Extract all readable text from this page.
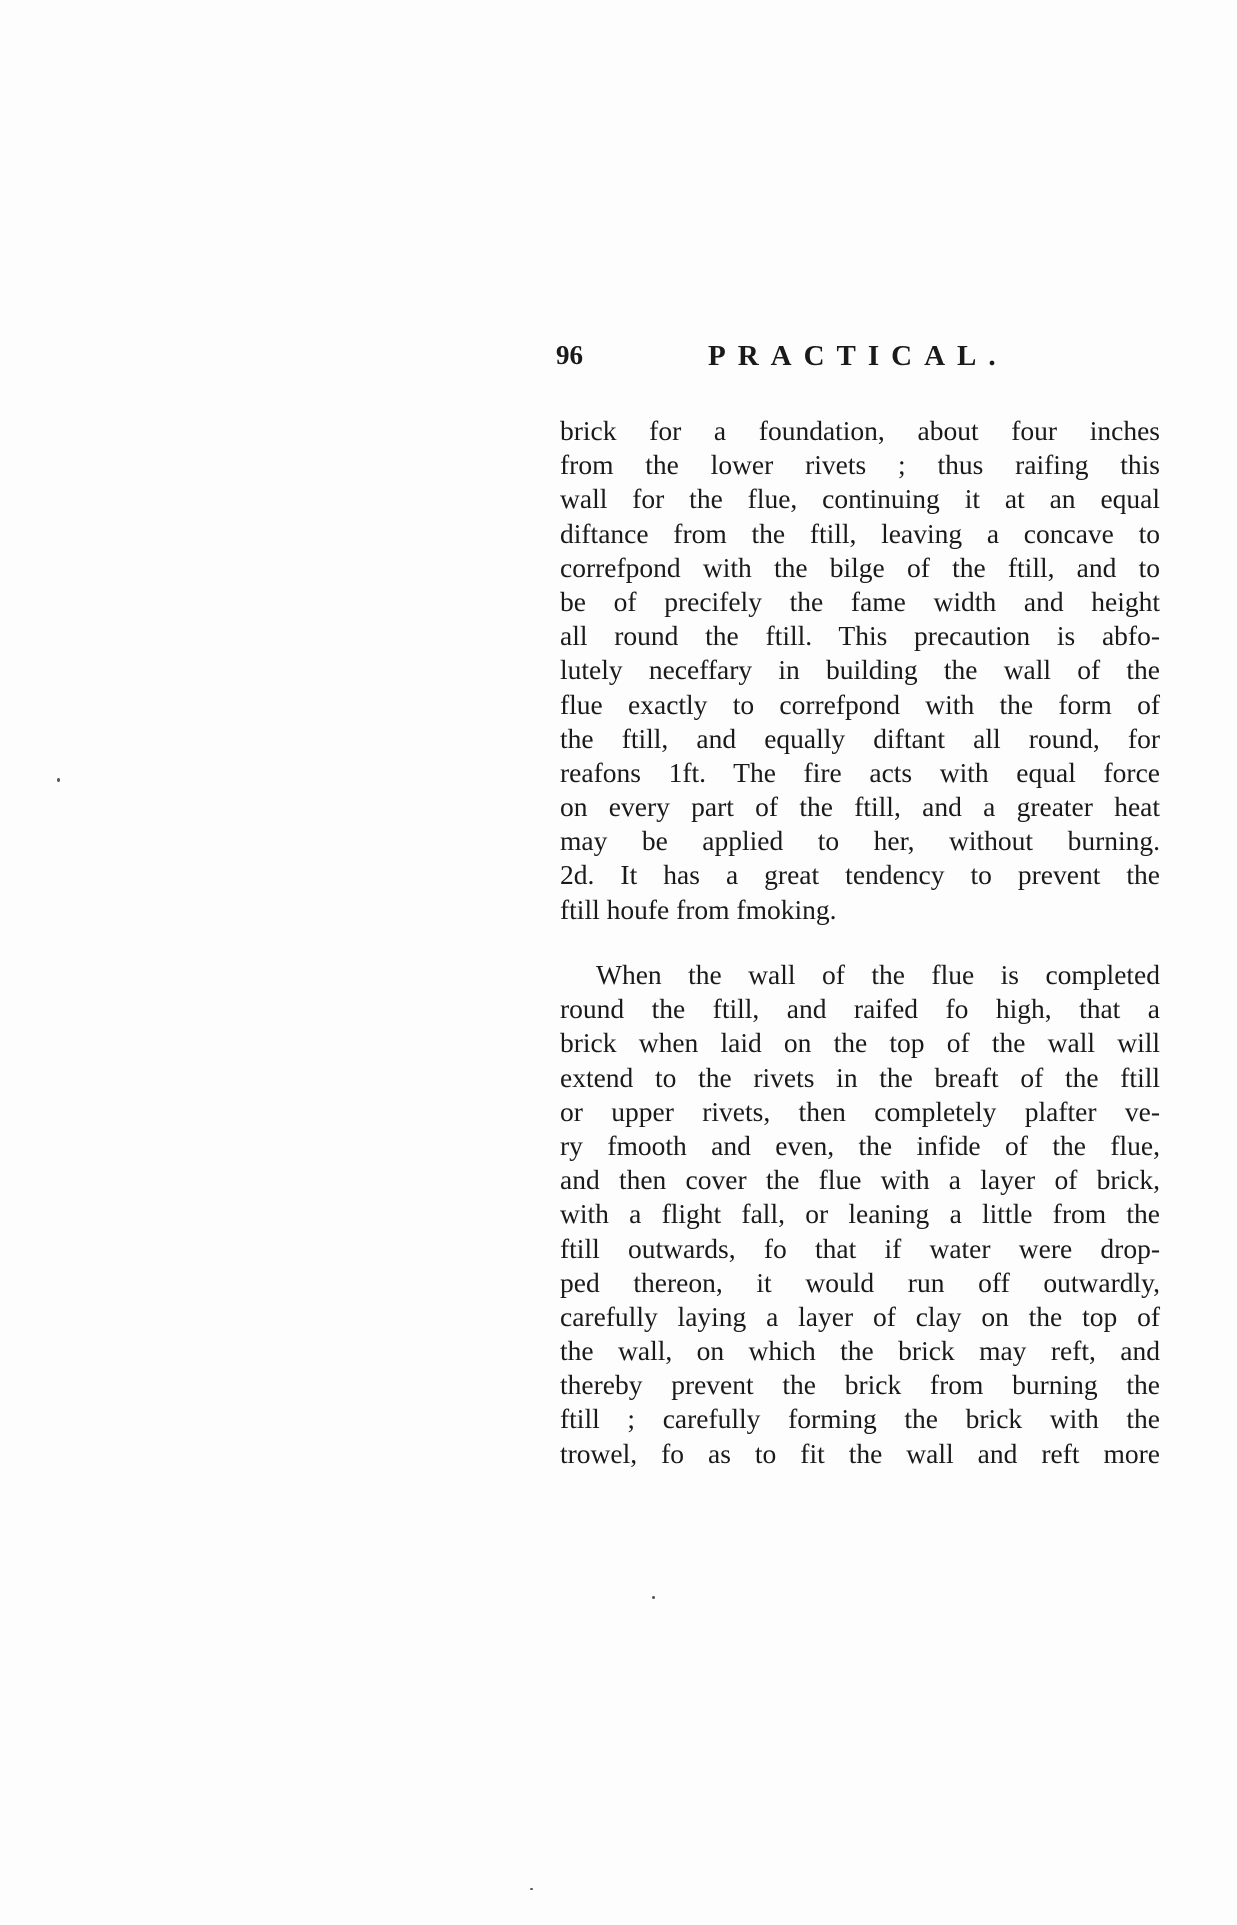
96	PRACTICAL.
brick for a foundation, about four inches
from the lower rivets ; thus raifing this
wall for the flue, continuing it at an equal
diftance from the ftill, leaving a concave to
correfpond with the bilge of the ftill, and to
be of precifely the fame width and height
all round the ftill. This precaution is abfo-
lutely neceffary in building the wall of the
flue exactly to correfpond with the form of
the ftill, and equally diftant all round, for
reafons 1ft. The fire acts with equal force
on every part of the ftill, and a greater heat
may be applied to her, without burning.
2d. It has a great tendency to prevent the
ftill houfe from fmoking.
When the wall of the flue is completed
round the ftill, and raifed fo high, that a
brick when laid on the top of the wall will
extend to the rivets in the breaft of the ftill
or upper rivets, then completely plafter ve-
ry fmooth and even, the infide of the flue,
and then cover the flue with a layer of brick,
with a flight fall, or leaning a little from the
ftill outwards, fo that if water were drop-
ped thereon, it would run off outwardly,
carefully laying a layer of clay on the top of
the wall, on which the brick may reft, and
thereby prevent the brick from burning the
ftill ; carefully forming the brick with the
trowel, fo as to fit the wall and reft more
